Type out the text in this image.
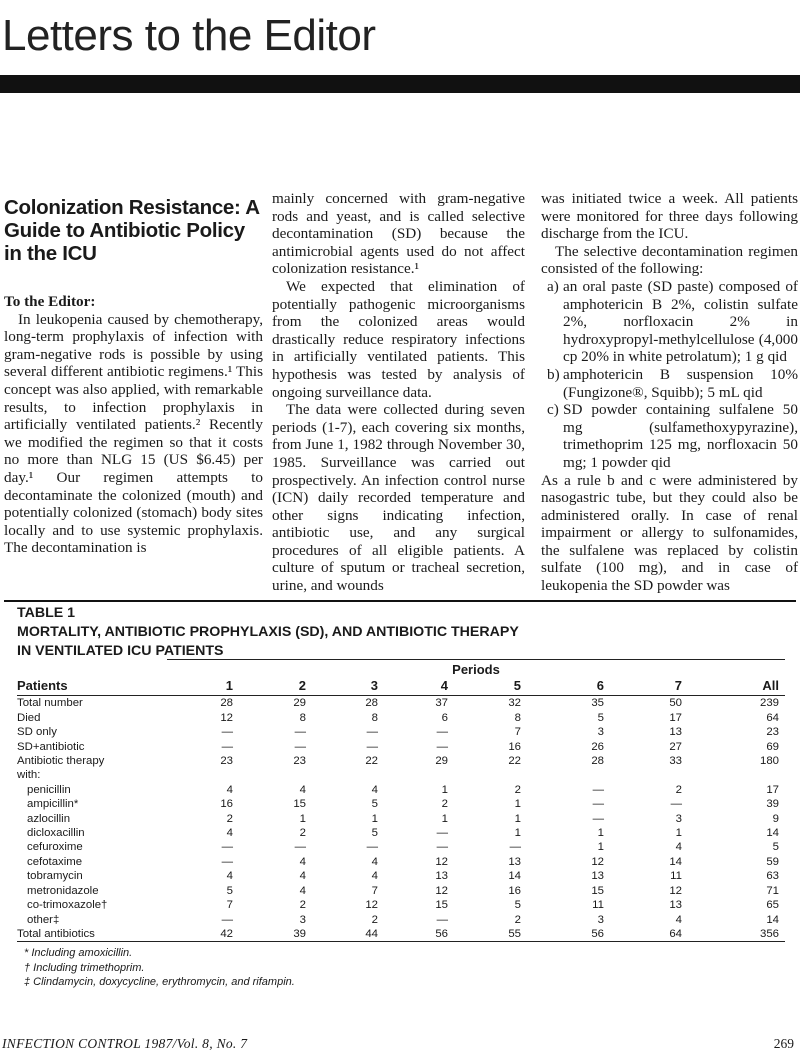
Letters to the Editor
Colonization Resistance: A Guide to Antibiotic Policy in the ICU

To the Editor:

In leukopenia caused by chemotherapy, long-term prophylaxis of infection with gram-negative rods is possible by using several different antibiotic regimens.¹ This concept was also applied, with remarkable results, to infection prophylaxis in artificially ventilated patients.² Recently we modified the regimen so that it costs no more than NLG 15 (US $6.45) per day.¹ Our regimen attempts to decontaminate the colonized (mouth) and potentially colonized (stomach) body sites locally and to use systemic prophylaxis. The decontamination is

mainly concerned with gram-negative rods and yeast, and is called selective decontamination (SD) because the antimicrobial agents used do not affect colonization resistance.¹

We expected that elimination of potentially pathogenic microorganisms from the colonized areas would drastically reduce respiratory infections in artificially ventilated patients. This hypothesis was tested by analysis of ongoing surveillance data.

The data were collected during seven periods (1-7), each covering six months, from June 1, 1982 through November 30, 1985. Surveillance was carried out prospectively. An infection control nurse (ICN) daily recorded temperature and other signs indicating infection, antibiotic use, and any surgical procedures of all eligible patients. A culture of sputum or tracheal secretion, urine, and wounds

was initiated twice a week. All patients were monitored for three days following discharge from the ICU.

The selective decontamination regimen consisted of the following:

a) an oral paste (SD paste) composed of amphotericin B 2%, colistin sulfate 2%, norfloxacin 2% in hydroxypropyl-methylcellulose (4,000 cp 20% in white petrolatum); 1 g qid
b) amphotericin B suspension 10% (Fungizone®, Squibb); 5 mL qid
c) SD powder containing sulfalene 50 mg (sulfamethoxypyrazine), trimethoprim 125 mg, norfloxacin 50 mg; 1 powder qid

As a rule b and c were administered by nasogastric tube, but they could also be administered orally. In case of renal impairment or allergy to sulfonamides, the sulfalene was replaced by colistin sulfate (100 mg), and in case of leukopenia the SD powder was

TABLE 1
MORTALITY, ANTIBIOTIC PROPHYLAXIS (SD), AND ANTIBIOTIC THERAPY
IN VENTILATED ICU PATIENTS
	Periods							
Patients	1	2	3	4	5	6	7	All
Total number	28	29	28	37	32	35	50	239
Died	12	8	8	6	8	5	17	64
SD only	—	—	—	—	7	3	13	23
SD+antibiotic	—	—	—	—	16	26	27	69
Antibiotic therapy	23	23	22	29	22	28	33	180
with:								
penicillin	4	4	4	1	2	—	2	17
ampicillin*	16	15	5	2	1	—	—	39
azlocillin	2	1	1	1	1	—	3	9
dicloxacillin	4	2	5	—	1	1	1	14
cefuroxime	—	—	—	—	—	1	4	5
cefotaxime	—	4	4	12	13	12	14	59
tobramycin	4	4	4	13	14	13	11	63
metronidazole	5	4	7	12	16	15	12	71
co-trimoxazole†	7	2	12	15	5	11	13	65
other‡	—	3	2	—	2	3	4	14
Total antibiotics	42	39	44	56	55	56	64	356
* Including amoxicillin.
† Including trimethoprim.
‡ Clindamycin, doxycycline, erythromycin, and rifampin.
INFECTION CONTROL 1987/Vol. 8, No. 7	269
